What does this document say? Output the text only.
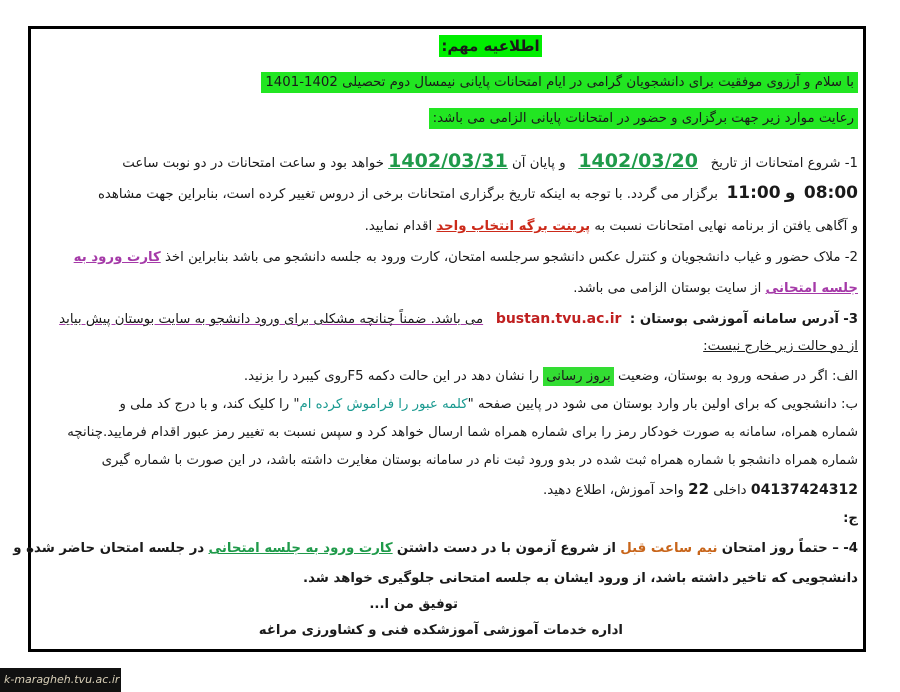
اطلاعیه مهم:
با سلام و آرزوی موفقیت برای دانشجویان گرامی در ایام امتحانات پایانی نیمسال دوم تحصیلی 1402-1401
رعایت موارد زیر جهت برگزاری و حضور در امتحانات پایانی الزامی می باشد:
1- شروع امتحانات از تاریخ   1402/03/20   و پایان آن 1402/03/31 خواهد بود و ساعت امتحانات در دو نوبت ساعت
08:00  و 11:00  برگزار می گردد. با توجه به اینکه تاریخ برگزاری امتحانات برخی از دروس تغییر کرده است، بنابراین جهت مشاهده
و آگاهی یافتن از برنامه نهایی امتحانات نسبت به پرینت برگه انتخاب واحد اقدام نمایید.
2- ملاک حضور و غیاب دانشجویان و کنترل عکس دانشجو سرجلسه امتحان، کارت ورود به جلسه دانشجو می باشد بنابراین اخذ کارت ورود به
جلسه امتحانی از سایت بوستان الزامی می باشد.
3- آدرس سامانه آموزشی بوستان :  bustan.tvu.ac.ir   می باشد. ضمناً چنانچه مشکلی برای ورود دانشجو به سایت بوستان پیش بیاید
از دو حالت زیر خارج نیست:
الف: اگر در صفحه ورود به بوستان، وضعیت بروز رسانی را نشان دهد در این حالت دکمه F5روی کیبرد را بزنید.
ب: دانشجویی که برای اولین بار وارد بوستان می شود در پایین صفحه "کلمه عبور را فراموش کرده ام" را کلیک کند، و با درج کد ملی و
شماره همراه، سامانه به صورت خودکار رمز را برای شماره همراه شما ارسال خواهد کرد و سپس نسبت به تغییر رمز عبور اقدام فرمایید.چنانچه
شماره همراه دانشجو با شماره همراه ثبت شده در بدو ورود ثبت نام در سامانه بوستان مغایرت داشته باشد، در این صورت با شماره گیری
04137424312 داخلی 22 واحد آموزش، اطلاع دهید.
ج:
4- – حتماً روز امتحان نیم ساعت قبل از شروع آزمون با در دست داشتن کارت ورود به جلسه امتحانی در جلسه امتحان حاضر شده و
دانشجویی که تاخیر داشته باشد، از ورود ایشان به جلسه امتحانی جلوگیری خواهد شد.
توفیق من ا...
اداره خدمات آموزشی آموزشکده فنی و کشاورزی مراغه
k-maragheh.tvu.ac.ir
